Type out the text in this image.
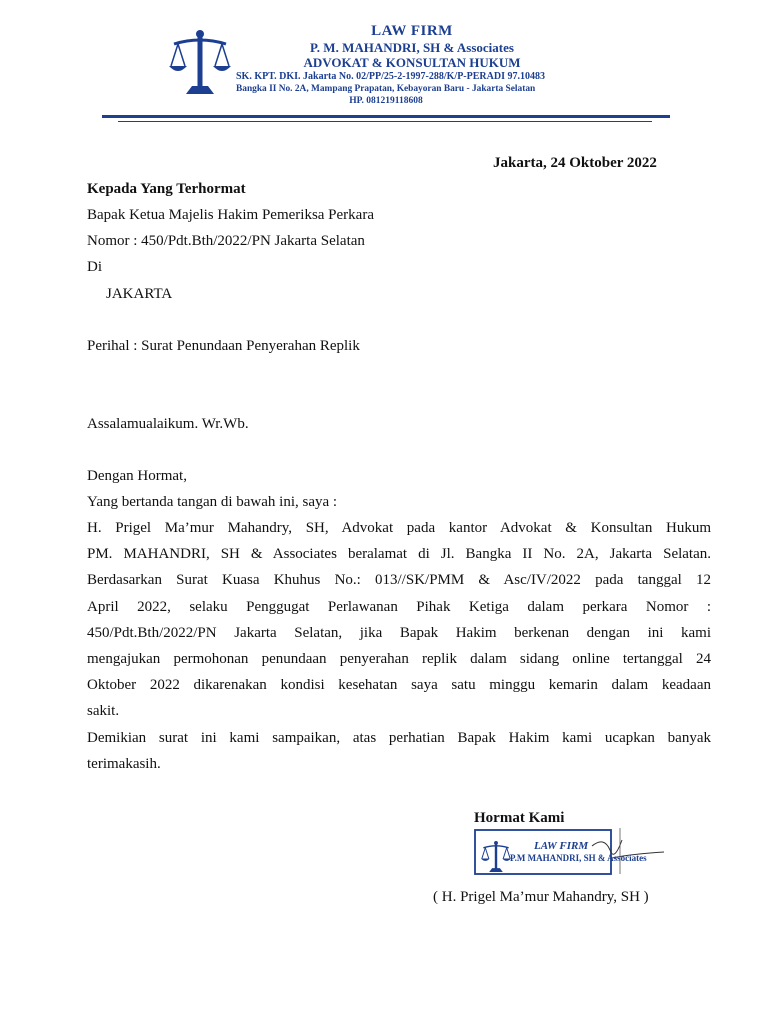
LAW FIRM
P. M. MAHANDRI, SH & Associates
ADVOKAT & KONSULTAN HUKUM
SK. KPT. DKI. Jakarta No. 02/PP/25-2-1997-288/K/P-PERADI 97.10483
Bangka II No. 2A, Mampang Prapatan, Kebayoran Baru - Jakarta Selatan
HP. 081219118608
Jakarta, 24 Oktober 2022
Kepada Yang Terhormat
Bapak Ketua Majelis Hakim Pemeriksa Perkara
Nomor : 450/Pdt.Bth/2022/PN Jakarta Selatan
Di
JAKARTA
Perihal : Surat Penundaan Penyerahan Replik
Assalamualaikum. Wr.Wb.
Dengan Hormat,
Yang bertanda tangan di bawah ini, saya :
H. Prigel Ma’mur Mahandry, SH, Advokat pada kantor Advokat & Konsultan Hukum
PM. MAHANDRI, SH & Associates beralamat di Jl. Bangka II No. 2A, Jakarta Selatan.
Berdasarkan Surat Kuasa Khuhus No.: 013//SK/PMM & Asc/IV/2022 pada tanggal 12
April 2022, selaku Penggugat Perlawanan Pihak Ketiga dalam perkara Nomor :
450/Pdt.Bth/2022/PN Jakarta Selatan, jika Bapak Hakim berkenan dengan ini kami
mengajukan permohonan penundaan penyerahan replik dalam sidang online tertanggal 24
Oktober 2022 dikarenakan kondisi kesehatan saya satu minggu kemarin dalam keadaan
sakit.
Demikian surat ini kami sampaikan, atas perhatian Bapak Hakim kami ucapkan banyak
terimakasih.
Hormat Kami
LAW FIRM
P.M MAHANDRI, SH & Associates
( H. Prigel Ma’mur Mahandry, SH )
